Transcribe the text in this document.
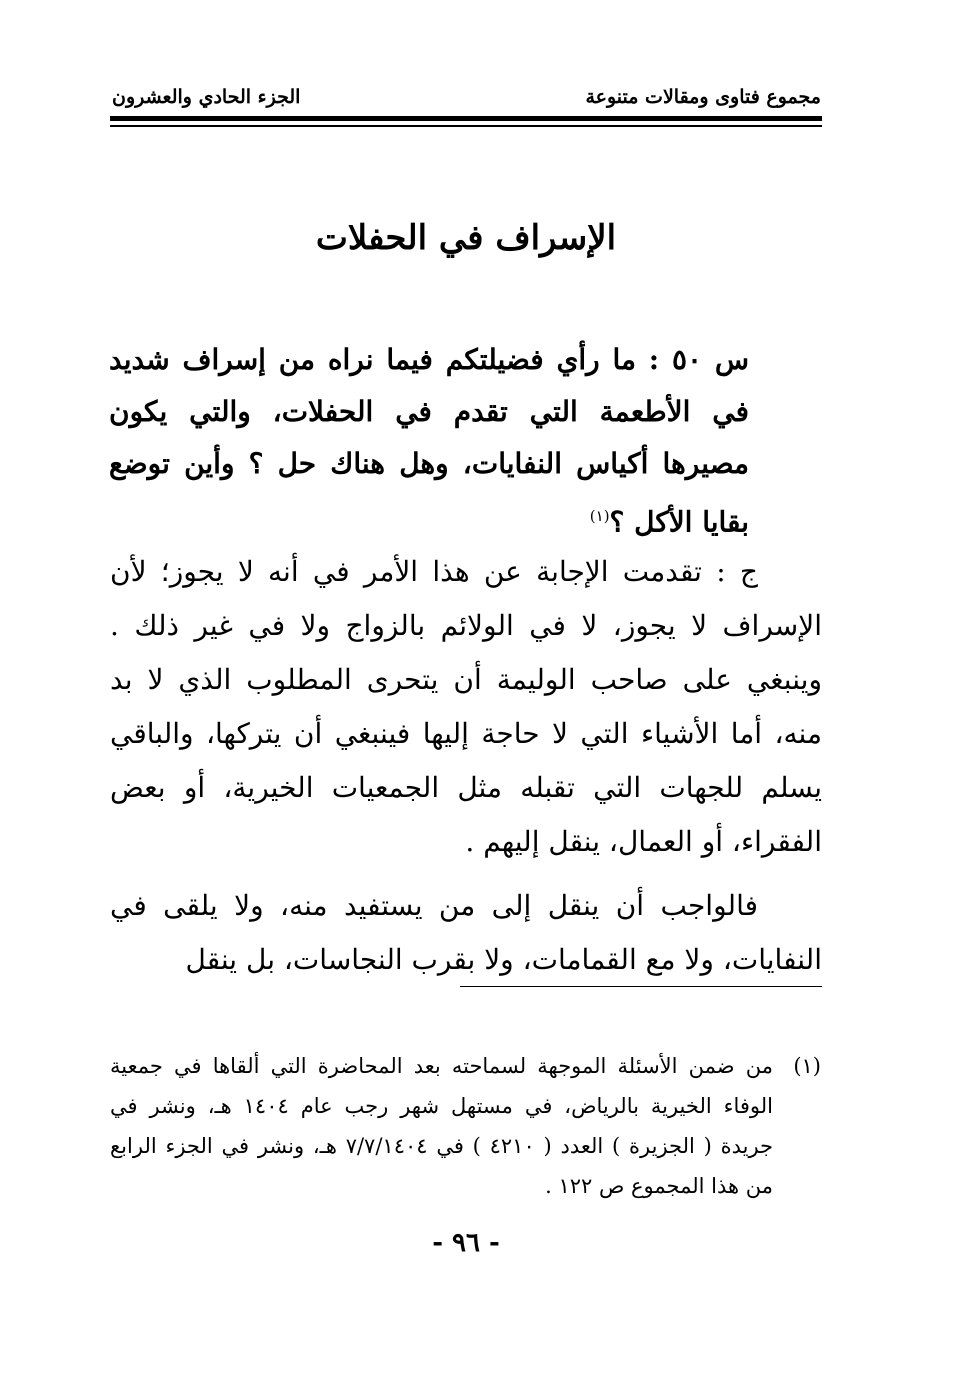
مجموع فتاوى ومقالات متنوعة
الجزء الحادي والعشرون
الإسراف في الحفلات
س ٥٠ : ما رأي فضيلتكم فيما نراه من إسراف شديد في الأطعمة التي تقدم في الحفلات، والتي يكون مصيرها أكياس النفايات، وهل هناك حل ؟ وأين توضع بقايا الأكل ؟$^{(١)}$

ج : تقدمت الإجابة عن هذا الأمر في أنه لا يجوز؛ لأن الإسراف لا يجوز، لا في الولائم بالزواج ولا في غير ذلك . وينبغي على صاحب الوليمة أن يتحرى المطلوب الذي لا بد منه، أما الأشياء التي لا حاجة إليها فينبغي أن يتركها، والباقي يسلم للجهات التي تقبله مثل الجمعيات الخيرية، أو بعض الفقراء، أو العمال، ينقل إليهم .

فالواجب أن ينقل إلى من يستفيد منه، ولا يلقى في النفايات، ولا مع القمامات، ولا بقرب النجاسات، بل ينقل

(١)
من ضمن الأسئلة الموجهة لسماحته بعد المحاضرة التي ألقاها في جمعية الوفاء الخيرية بالرياض، في مستهل شهر رجب عام ١٤٠٤ هـ، ونشر في جريدة ( الجزيرة ) العدد ( ٤٢١٠ ) في ٧/٧/١٤٠٤ هـ، ونشر في الجزء الرابع من هذا المجموع ص ١٢٢ .
- ٩٦ -
